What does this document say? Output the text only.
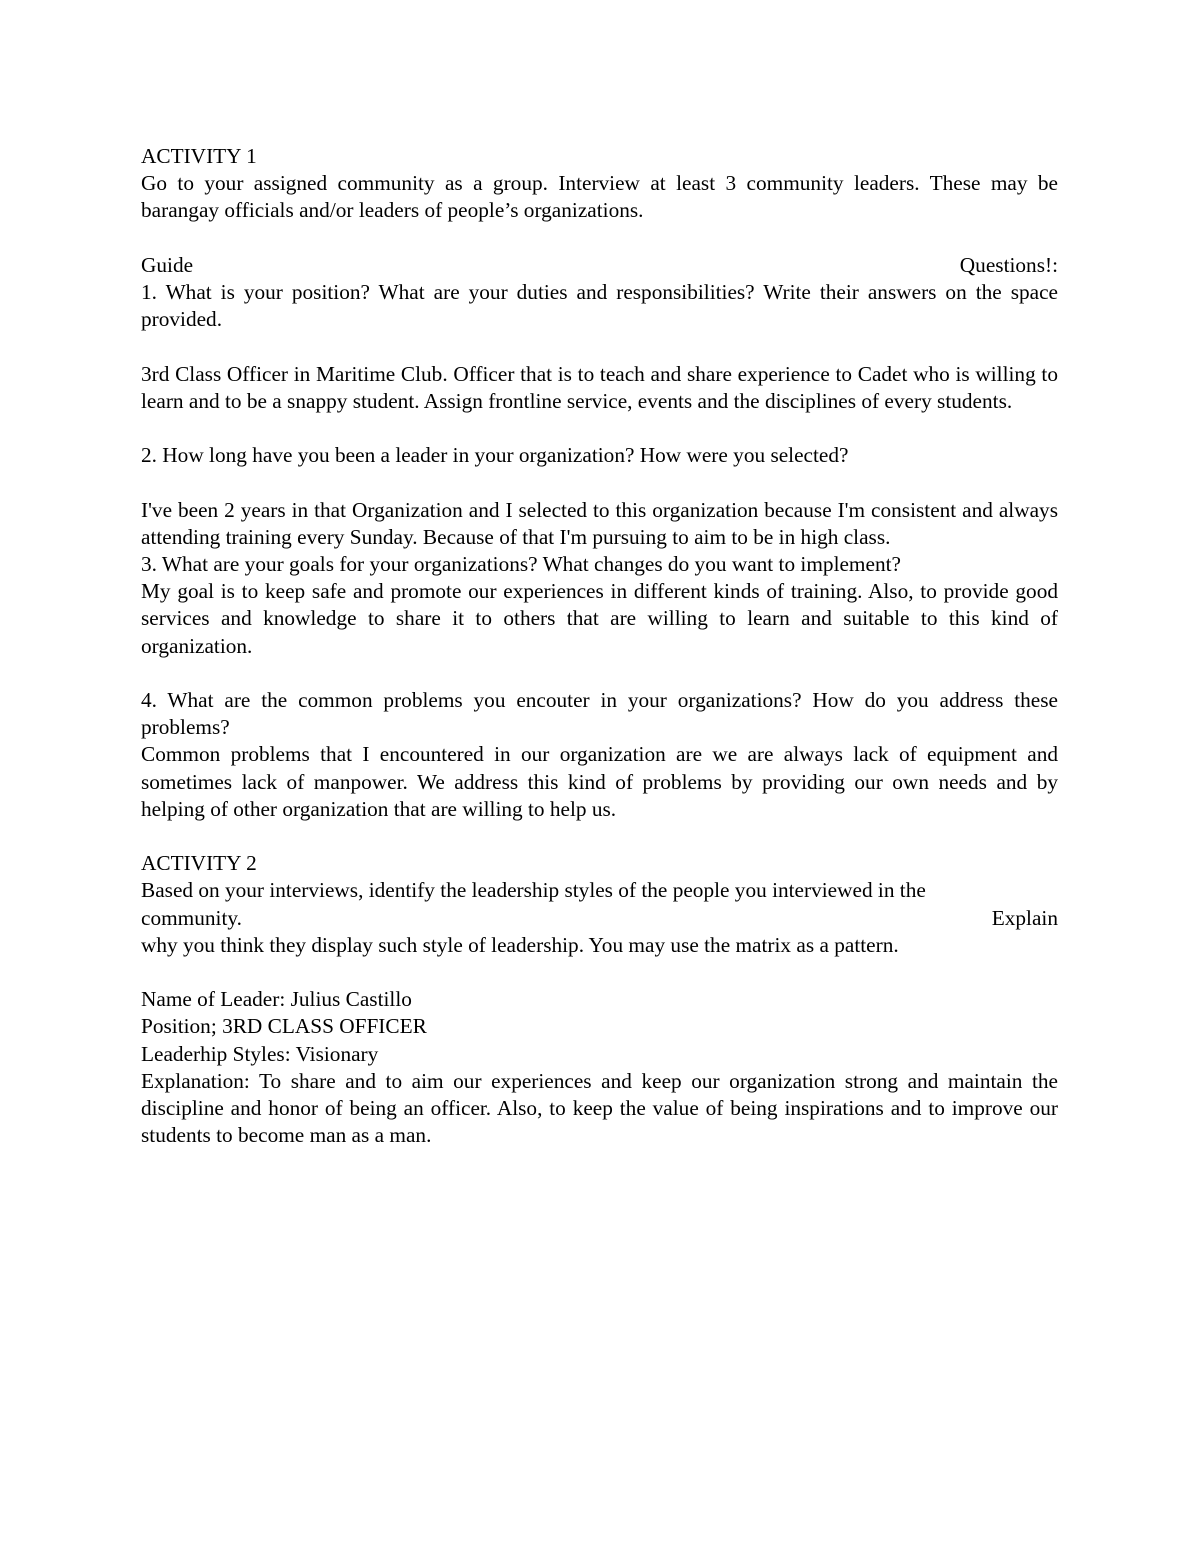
ACTIVITY 1

Go to your assigned community as a group. Interview at least 3 community leaders. These may be barangay officials and/or leaders of people’s organizations.

Guide	Questions!:

1. What is your position? What are your duties and responsibilities? Write their answers on the space provided.

3rd Class Officer in Maritime Club. Officer that is to teach and share experience to Cadet who is willing to learn and to be a snappy student. Assign frontline service, events and the disciplines of every students.

2. How long have you been a leader in your organization? How were you selected?

I've been 2 years in that Organization and I selected to this organization because I'm consistent and always attending training every Sunday. Because of that I'm pursuing to aim to be in high class.

3. What are your goals for your organizations? What changes do you want to implement?

My goal is to keep safe and promote our experiences in different kinds of training. Also, to provide good services and knowledge to share it to others that are willing to learn and suitable to this kind of organization.

4. What are the common problems you encouter in your organizations? How do you address these problems?

Common problems that I encountered in our organization are we are always lack of equipment and sometimes lack of manpower. We address this kind of problems by providing our own needs and by helping of other organization that are willing to help us.

ACTIVITY 2

Based on your interviews, identify the leadership styles of the people you interviewed in the

community.	Explain

why you think they display such style of leadership. You may use the matrix as a pattern.

Name of Leader: Julius Castillo

Position; 3RD CLASS OFFICER

Leaderhip Styles: Visionary

Explanation: To share and to aim our experiences and keep our organization strong and maintain the discipline and honor of being an officer. Also, to keep the value of being inspirations and to improve our students to become man as a man.
